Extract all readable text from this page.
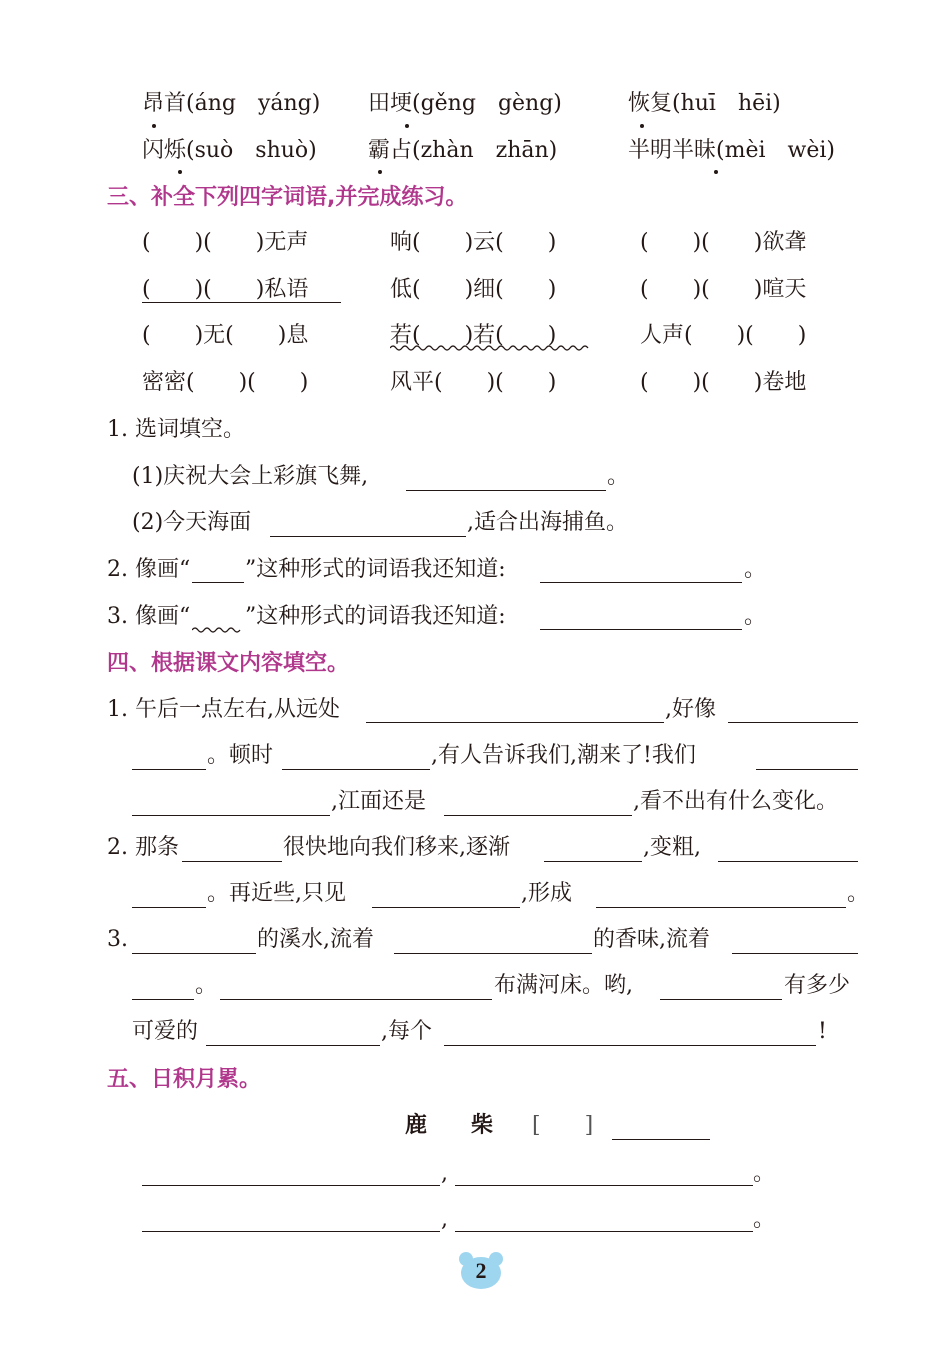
昂首(áng　yáng) 田埂(gěng　gèng)	恢复(huī　hēi)
闪烁(suò　shuò) 霸占(zhàn　zhān)	半明半昧(mèi　wèi)
三、补全下列四字词语,并完成练习。
(　　)(　　)无声	响(　　)云(　　)	(　　)(　　)欲聋
(　　)(　　)私语	低(　　)细(　　)	(　　)(　　)喧天
(　　)无(　　)息	若(　　)若(　　)	人声(　　)(　　)
密密(　　)(　　)	风平(　　)(　　)	(　　)(　　)卷地
1. 选词填空。
(1)庆祝大会上彩旗飞舞,	。
(2)今天海面	,适合出海捕鱼。
2. 像画“ ”这种形式的词语我还知道:	。
3. 像画“ ”这种形式的词语我还知道:	。
四、根据课文内容填空。
1. 午后一点左右,从远处	,好像
。顿时	,有人告诉我们,潮来了!我们
,江面还是	,看不出有什么变化。
2. 那条	很快地向我们移来,逐渐	,变粗,
。再近些,只见	,形成	。
3.	的溪水,流着	的香味,流着
。	布满河床。哟,	有多少
可爱的	,每个	!
五、日积月累。
鹿　　柴 [　　]
,	。
,	。
2
